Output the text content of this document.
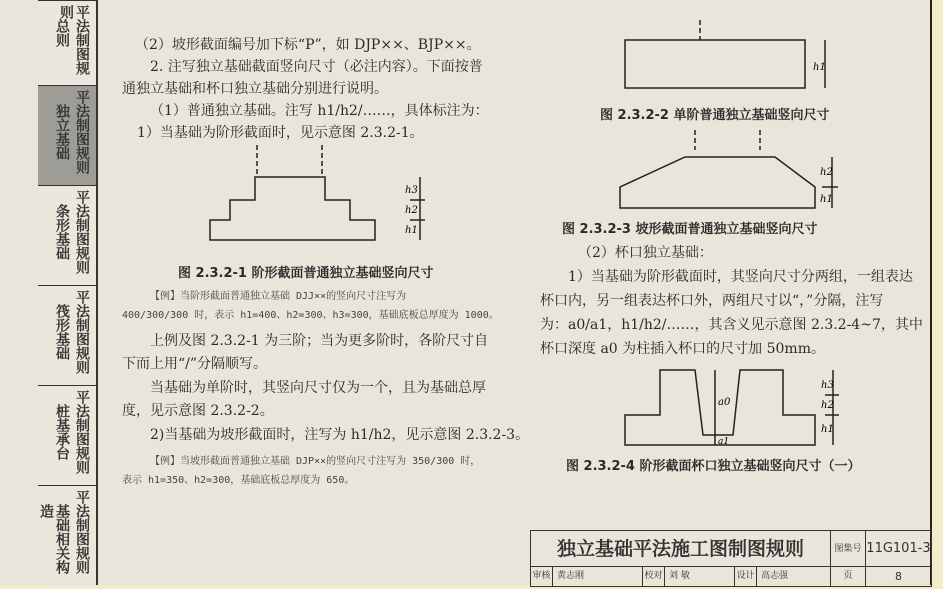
总则 平法制图规则
独立基础 平法制图规则
条形基础 平法制图规则
筏形基础 平法制图规则
桩基承台 平法制图规则
基础相关构造	平法制图规则
（2）坡形截面编号加下标“P”，如 DJP××、BJP××。
2. 注写独立基础截面竖向尺寸（必注内容）。下面按普
通独立基础和杯口独立基础分别进行说明。
（1）普通独立基础。注写 h1/h2/……，具体标注为：
1）当基础为阶形截面时，见示意图 2.3.2-1。
h3
h2
h1
图 2.3.2-1 阶形截面普通独立基础竖向尺寸
【例】当阶形截面普通独立基础 DJJ××的竖向尺寸注写为
400/300/300 时，表示 h1=400、h2=300、h3=300，基础底板总厚度为 1000。
上例及图 2.3.2-1 为三阶；当为更多阶时，各阶尺寸自
下而上用“/”分隔顺写。
当基础为单阶时，其竖向尺寸仅为一个，且为基础总厚
度，见示意图 2.3.2-2。
2)当基础为坡形截面时，注写为 h1/h2，见示意图 2.3.2-3。
【例】当坡形截面普通独立基础 DJP××的竖向尺寸注写为 350/300 时，
表示 h1=350、h2=300，基础底板总厚度为 650。
h1
图 2.3.2-2 单阶普通独立基础竖向尺寸
h2
h1
图 2.3.2-3 坡形截面普通独立基础竖向尺寸
（2）杯口独立基础：
1）当基础为阶形截面时，其竖向尺寸分两组，一组表达
杯口内，另一组表达杯口外，两组尺寸以“，”分隔，注写
为：a0/a1，h1/h2/……，其含义见示意图 2.3.2-4~7，其中
杯口深度 a0 为柱插入杯口的尺寸加 50mm。
h3
h2
h1
a0
a1
图 2.3.2-4 阶形截面杯口独立基础竖向尺寸（一）
独立基础平法施工图制图规则	图集号 11G101-3
审核 黄志刚	校对 刘 敏	设计 高志强	页	8
